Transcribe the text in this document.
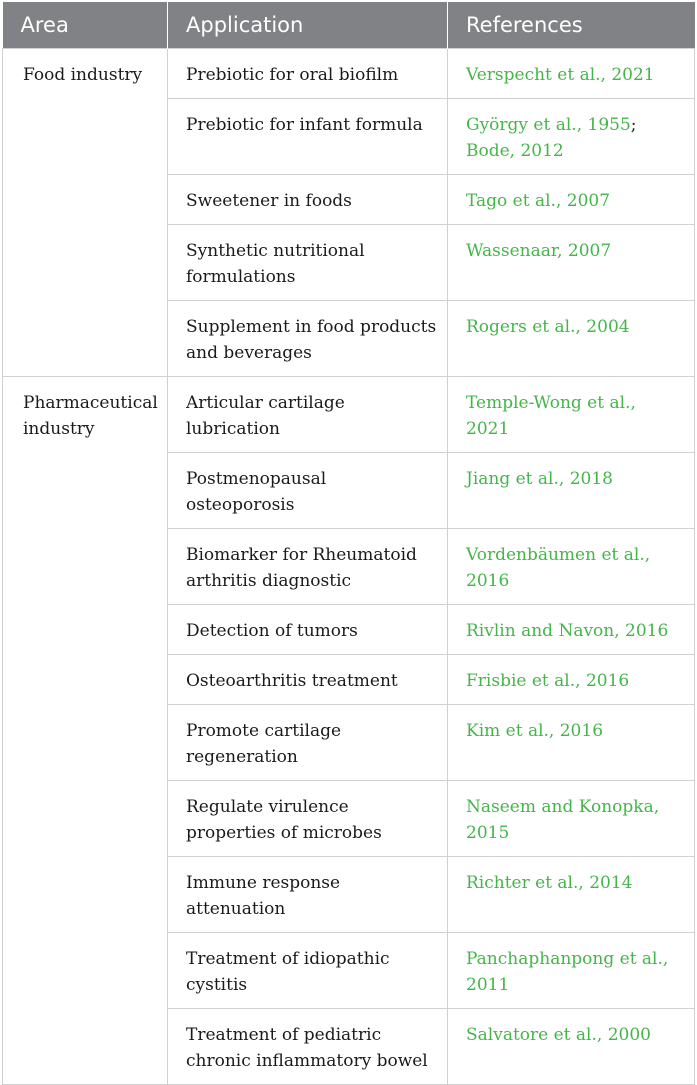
Area	Application	References
Food industry	Prebiotic for oral biofilm	Verspecht et al., 2021
	Prebiotic for infant formula	György et al., 1955; Bode, 2012
	Sweetener in foods	Tago et al., 2007
	Synthetic nutritional formulations	Wassenaar, 2007
	Supplement in food products and beverages	Rogers et al., 2004
Pharmaceutical industry	Articular cartilage lubrication	Temple-Wong et al., 2021
	Postmenopausal osteoporosis	Jiang et al., 2018
	Biomarker for Rheumatoid arthritis diagnostic	Vordenbäumen et al., 2016
	Detection of tumors	Rivlin and Navon, 2016
	Osteoarthritis treatment	Frisbie et al., 2016
	Promote cartilage regeneration	Kim et al., 2016
	Regulate virulence properties of microbes	Naseem and Konopka, 2015
	Immune response attenuation	Richter et al., 2014
	Treatment of idiopathic cystitis	Panchaphanpong et al., 2011
	Treatment of pediatric chronic inflammatory bowel	Salvatore et al., 2000
